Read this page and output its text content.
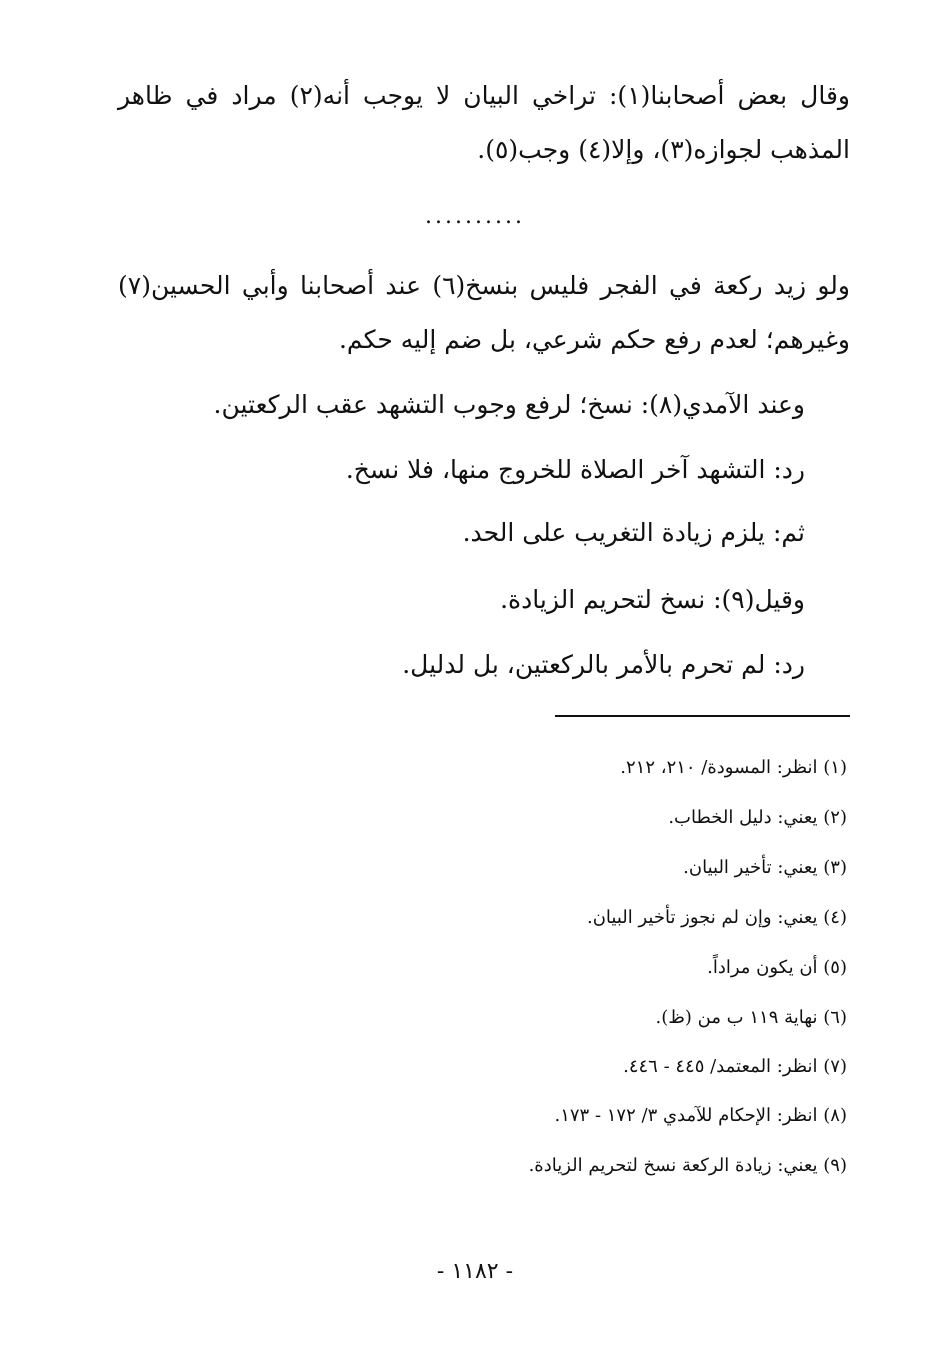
وقال بعض أصحابنا(١): تراخي البيان لا يوجب أنه(٢) مراد في ظاهر
المذهب لجوازه(٣)، وإلا(٤) وجب(٥).
..........
ولو زيد ركعة في الفجر فليس بنسخ(٦) عند أصحابنا وأبي الحسين(٧)
وغيرهم؛ لعدم رفع حكم شرعي، بل ضم إليه حكم.
وعند الآمدي(٨): نسخ؛ لرفع وجوب التشهد عقب الركعتين.
رد: التشهد آخر الصلاة للخروج منها، فلا نسخ.
ثم: يلزم زيادة التغريب على الحد.
وقيل(٩): نسخ لتحريم الزيادة.
رد: لم تحرم بالأمر بالركعتين، بل لدليل.
(١) انظر: المسودة/ ٢١٠، ٢١٢.
(٢) يعني: دليل الخطاب.
(٣) يعني: تأخير البيان.
(٤) يعني: وإن لم نجوز تأخير البيان.
(٥) أن يكون مراداً.
(٦) نهاية ١١٩ ب من (ظ).
(٧) انظر: المعتمد/ ٤٤٥ - ٤٤٦.
(٨) انظر: الإحكام للآمدي ٣/ ١٧٢ - ١٧٣.
(٩) يعني: زيادة الركعة نسخ لتحريم الزيادة.
- ١١٨٢ -
